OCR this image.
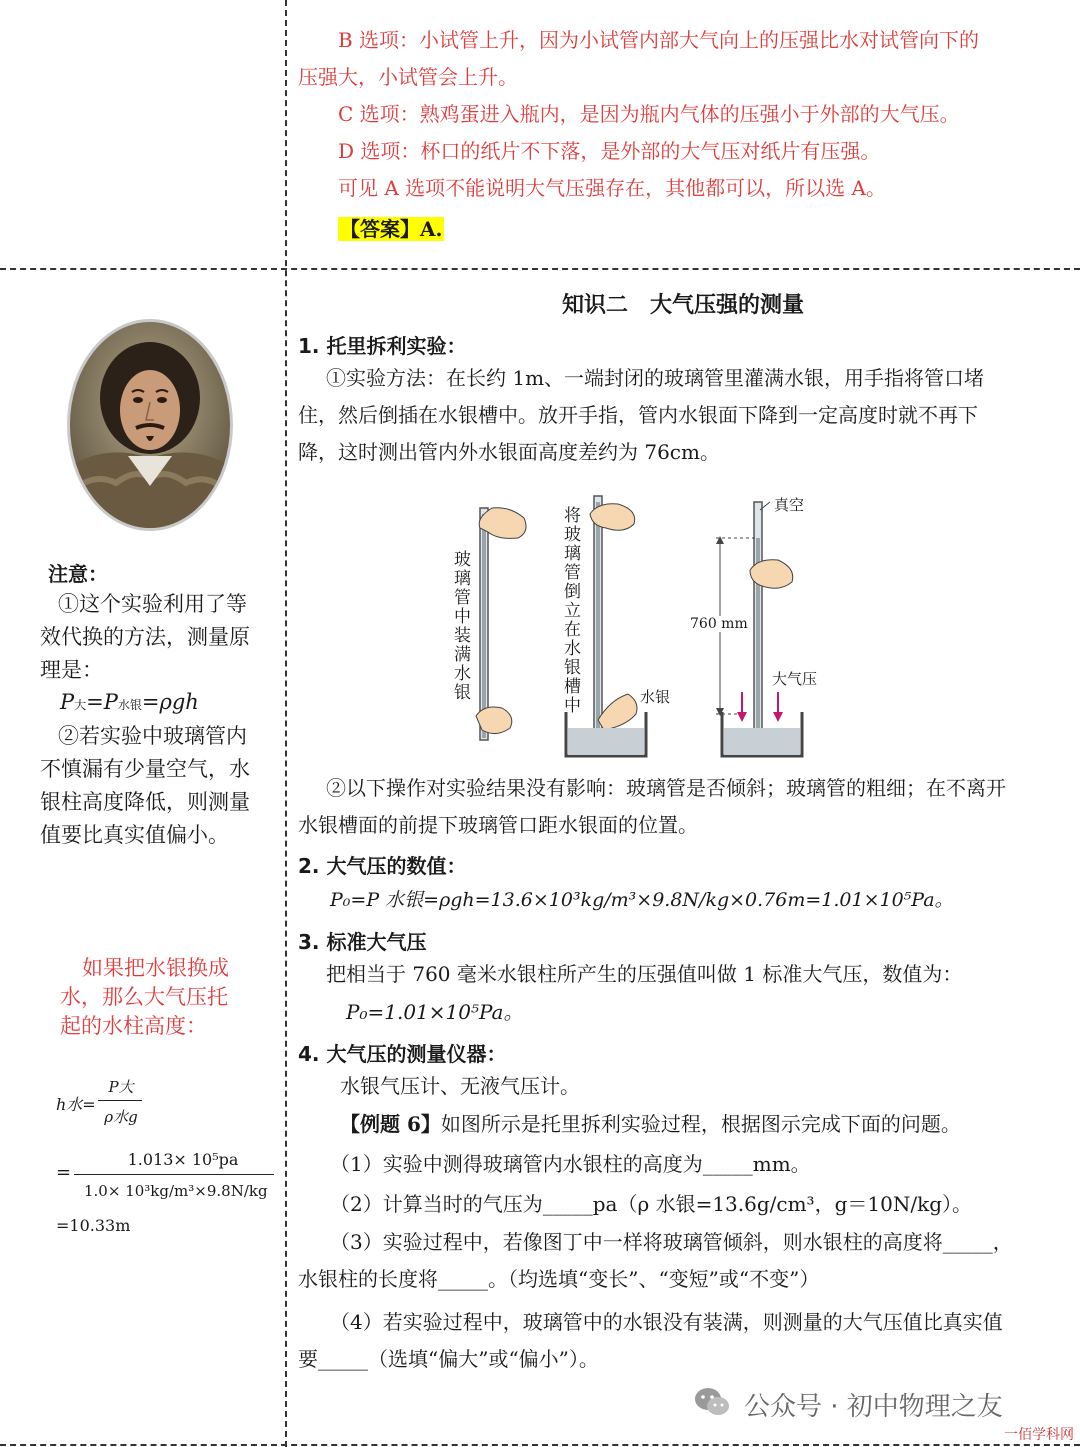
B 选项：小试管上升，因为小试管内部大气向上的压强比水对试管向下的
压强大，小试管会上升。
C 选项：熟鸡蛋进入瓶内，是因为瓶内气体的压强小于外部的大气压。
D 选项：杯口的纸片不下落，是外部的大气压对纸片有压强。
可见 A 选项不能说明大气压强存在，其他都可以，所以选 A。
【答案】A.
注意：
①这个实验利用了等
效代换的方法，测量原
理是：
P大=P水银=ρgh
②若实验中玻璃管内
不慎漏有少量空气，水
银柱高度降低，则测量
值要比真实值偏小。
如果把水银换成
水，那么大气压托
起的水柱高度：
h水=
P大
ρ水g
=
1.013× 10⁵pa
1.0× 10³kg/m³×9.8N/kg
=10.33m
知识二　大气压强的测量
1. 托里拆利实验：
①实验方法：在长约 1m、一端封闭的玻璃管里灌满水银，用手指将管口堵
住，然后倒插在水银槽中。放开手指，管内水银面下降到一定高度时就不再下
降，这时测出管内外水银面高度差约为 76cm。
玻璃管中装满水银	将玻璃管倒立在水银槽中	水银
真空
760 mm
大气压
②以下操作对实验结果没有影响：玻璃管是否倾斜；玻璃管的粗细；在不离开
水银槽面的前提下玻璃管口距水银面的位置。
2. 大气压的数值：
P₀=P 水银=ρgh=13.6×10³kg/m³×9.8N/kg×0.76m=1.01×10⁵Pa。
3. 标准大气压
把相当于 760 毫米水银柱所产生的压强值叫做 1 标准大气压，数值为：
P₀=1.01×10⁵Pa。
4. 大气压的测量仪器：
水银气压计、无液气压计。
【例题 6】如图所示是托里拆利实验过程，根据图示完成下面的问题。
（1）实验中测得玻璃管内水银柱的高度为_____mm。
（2）计算当时的气压为_____pa（ρ 水银=13.6g/cm³，g＝10N/kg）。
（3）实验过程中，若像图丁中一样将玻璃管倾斜，则水银柱的高度将_____，
水银柱的长度将_____。（均选填“变长”、“变短”或“不变”）
（4）若实验过程中，玻璃管中的水银没有装满，则测量的大气压值比真实值
要_____（选填“偏大”或“偏小”）。
公众号 · 初中物理之友
一佰学科网
